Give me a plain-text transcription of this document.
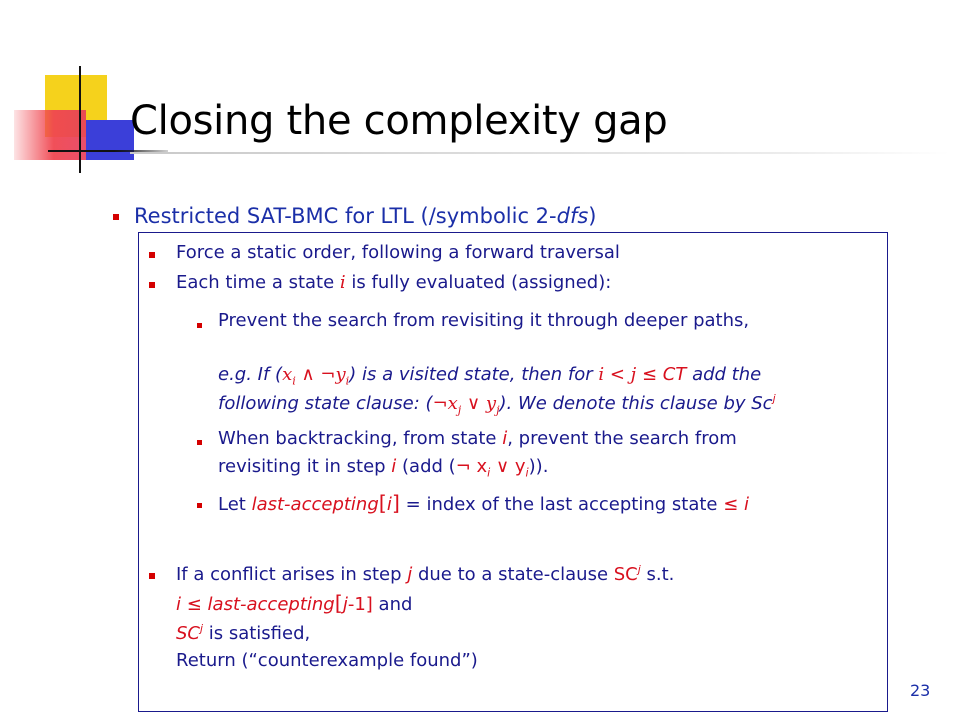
Closing the complexity gap
Restricted SAT-BMC for LTL (/symbolic 2-dfs)
Force a static order, following a forward traversal
Each time a state i is fully evaluated (assigned):
Prevent the search from revisiting it through deeper paths,
e.g. If ($x_i$ ∧ $\neg y_i$) is a visited state, then for i < j ≤ CT add the
following state clause: ($\neg x_j$ ∨ $y_j$). We denote this clause by Sc$^j$
When backtracking, from state i, prevent the search from
revisiting it in step i (add (¬ $x_i$ ∨ $y_i$)).
Let last-accepting[i] = index of the last accepting state ≤ i
If a conflict arises in step j due to a state-clause $SC^j$ s.t.
i ≤ last-accepting[j-1] and
$SC^j$ is satisfied,
Return (“counterexample found”)
23
